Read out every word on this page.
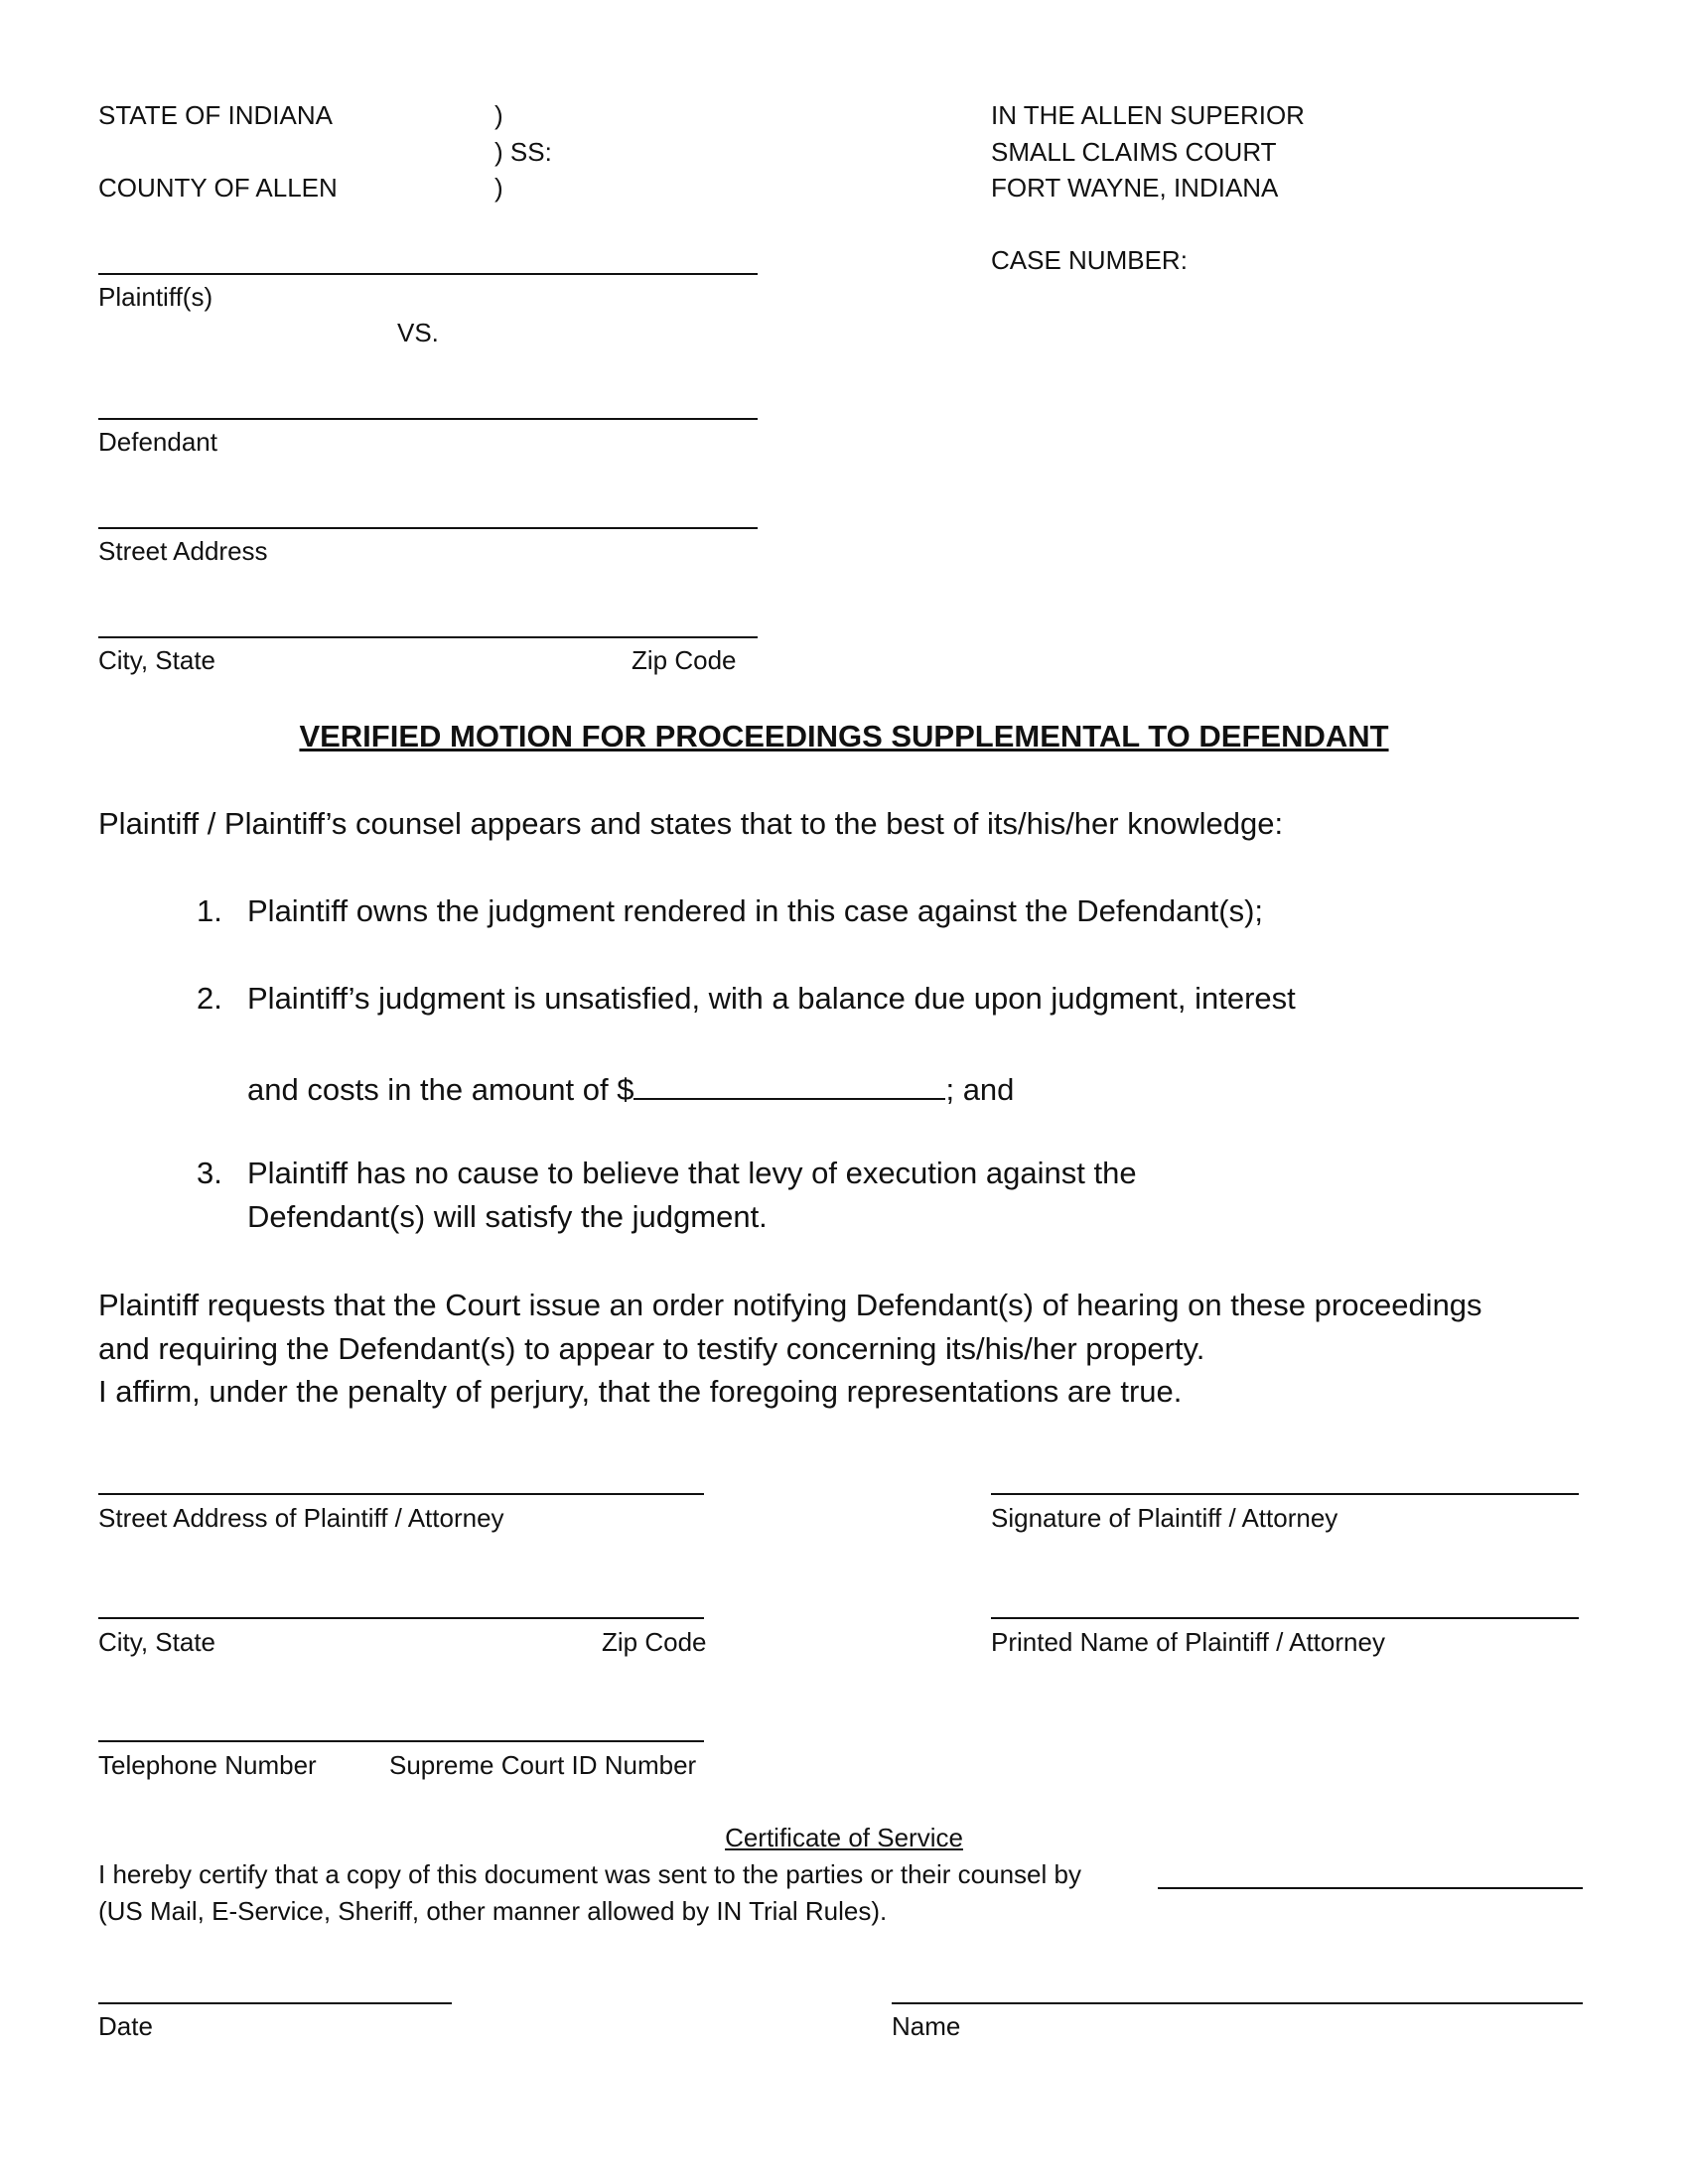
STATE OF INDIANA
COUNTY OF ALLEN
)
) SS:
)
IN THE ALLEN SUPERIOR
SMALL CLAIMS COURT
FORT WAYNE, INDIANA
CASE NUMBER:
Plaintiff(s)
VS.
Defendant
Street Address
City, State	Zip Code
VERIFIED MOTION FOR PROCEEDINGS SUPPLEMENTAL TO DEFENDANT
Plaintiff / Plaintiff’s counsel appears and states that to the best of its/his/her knowledge:
1. Plaintiff owns the judgment rendered in this case against the Defendant(s);
2. Plaintiff’s judgment is unsatisfied, with a balance due upon judgment, interest
and costs in the amount of $	; and
3. Plaintiff has no cause to believe that levy of execution against the
Defendant(s) will satisfy the judgment.
Plaintiff requests that the Court issue an order notifying Defendant(s) of hearing on these proceedings
and requiring the Defendant(s) to appear to testify concerning its/his/her property.
I affirm, under the penalty of perjury, that the foregoing representations are true.
Street Address of Plaintiff / Attorney	Signature of Plaintiff / Attorney
City, State	Zip Code	Printed Name of Plaintiff / Attorney
Telephone Number	Supreme Court ID Number
Certificate of Service
I hereby certify that a copy of this document was sent to the parties or their counsel by
(US Mail, E-Service, Sheriff, other manner allowed by IN Trial Rules).
Date	Name
